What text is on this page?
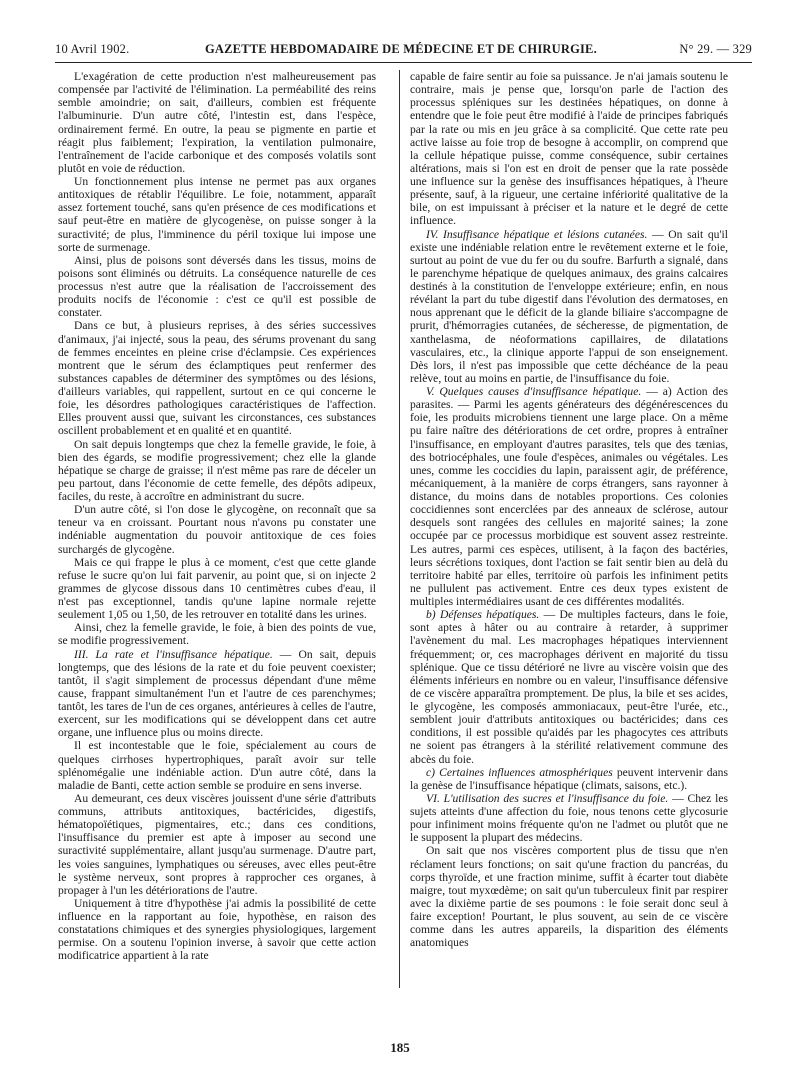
10 Avril 1902.	GAZETTE HEBDOMADAIRE DE MÉDECINE ET DE CHIRURGIE.	N° 29. — 329

L'exagération de cette production n'est malheureusement pas compensée par l'activité de l'élimination. La perméabilité des reins semble amoindrie; on sait, d'ailleurs, combien est fréquente l'albuminurie. D'un autre côté, l'intestin est, dans l'espèce, ordinairement fermé. En outre, la peau se pigmente en partie et réagit plus faiblement; l'expiration, la ventilation pulmonaire, l'entraînement de l'acide carbonique et des composés volatils sont plutôt en voie de réduction.

Un fonctionnement plus intense ne permet pas aux organes antitoxiques de rétablir l'équilibre. Le foie, notamment, apparaît assez fortement touché, sans qu'en présence de ces modifications et sauf peut-être en matière de glycogenèse, on puisse songer à la suractivité; de plus, l'imminence du péril toxique lui impose une sorte de surmenage.

Ainsi, plus de poisons sont déversés dans les tissus, moins de poisons sont éliminés ou détruits. La conséquence naturelle de ces processus n'est autre que la réalisation de l'accroissement des produits nocifs de l'économie : c'est ce qu'il est possible de constater.

Dans ce but, à plusieurs reprises, à des séries successives d'animaux, j'ai injecté, sous la peau, des sérums provenant du sang de femmes enceintes en pleine crise d'éclampsie. Ces expériences montrent que le sérum des éclamptiques peut renfermer des substances capables de déterminer des symptômes ou des lésions, d'ailleurs variables, qui rappellent, surtout en ce qui concerne le foie, les désordres pathologiques caractéristiques de l'affection. Elles prouvent aussi que, suivant les circonstances, ces substances oscillent probablement et en qualité et en quantité.

On sait depuis longtemps que chez la femelle gravide, le foie, à bien des égards, se modifie progressivement; chez elle la glande hépatique se charge de graisse; il n'est même pas rare de déceler un peu partout, dans l'économie de cette femelle, des dépôts adipeux, faciles, du reste, à accroître en administrant du sucre.

D'un autre côté, si l'on dose le glycogène, on reconnaît que sa teneur va en croissant. Pourtant nous n'avons pu constater une indéniable augmentation du pouvoir antitoxique de ces foies surchargés de glycogène.

Mais ce qui frappe le plus à ce moment, c'est que cette glande refuse le sucre qu'on lui fait parvenir, au point que, si on injecte 2 grammes de glycose dissous dans 10 centimètres cubes d'eau, il n'est pas exceptionnel, tandis qu'une lapine normale rejette seulement 1,05 ou 1,50, de les retrouver en totalité dans les urines.

Ainsi, chez la femelle gravide, le foie, à bien des points de vue, se modifie progressivement.

III. La rate et l'insuffisance hépatique. — On sait, depuis longtemps, que des lésions de la rate et du foie peuvent coexister; tantôt, il s'agit simplement de processus dépendant d'une même cause, frappant simultanément l'un et l'autre de ces parenchymes; tantôt, les tares de l'un de ces organes, antérieures à celles de l'autre, exercent, sur les modifications qui se développent dans cet autre organe, une influence plus ou moins directe.

Il est incontestable que le foie, spécialement au cours de quelques cirrhoses hypertrophiques, paraît avoir sur telle splénomégalie une indéniable action. D'un autre côté, dans la maladie de Banti, cette action semble se produire en sens inverse.

Au demeurant, ces deux viscères jouissent d'une série d'attributs communs, attributs antitoxiques, bactéricides, digestifs, hématopoïétiques, pigmentaires, etc.; dans ces conditions, l'insuffisance du premier est apte à imposer au second une suractivité supplémentaire, allant jusqu'au surmenage. D'autre part, les voies sanguines, lymphatiques ou séreuses, avec elles peut-être le système nerveux, sont propres à rapprocher ces organes, à propager à l'un les détériorations de l'autre.

Uniquement à titre d'hypothèse j'ai admis la possibilité de cette influence en la rapportant au foie, hypothèse, en raison des constatations chimiques et des synergies physiologiques, largement permise. On a soutenu l'opinion inverse, à savoir que cette action modificatrice appartient à la rate

capable de faire sentir au foie sa puissance. Je n'ai jamais soutenu le contraire, mais je pense que, lorsqu'on parle de l'action des processus spléniques sur les destinées hépatiques, on donne à entendre que le foie peut être modifié à l'aide de principes fabriqués par la rate ou mis en jeu grâce à sa complicité. Que cette rate peu active laisse au foie trop de besogne à accomplir, on comprend que la cellule hépatique puisse, comme conséquence, subir certaines altérations, mais si l'on est en droit de penser que la rate possède une influence sur la genèse des insuffisances hépatiques, à l'heure présente, sauf, à la rigueur, une certaine infériorité qualitative de la bile, on est impuissant à préciser et la nature et le degré de cette influence.

IV. Insuffisance hépatique et lésions cutanées. — On sait qu'il existe une indéniable relation entre le revêtement externe et le foie, surtout au point de vue du fer ou du soufre. Barfurth a signalé, dans le parenchyme hépatique de quelques animaux, des grains calcaires destinés à la constitution de l'enveloppe extérieure; enfin, en nous révélant la part du tube digestif dans l'évolution des dermatoses, en nous apprenant que le déficit de la glande biliaire s'accompagne de prurit, d'hémorragies cutanées, de sécheresse, de pigmentation, de xanthelasma, de néoformations capillaires, de dilatations vasculaires, etc., la clinique apporte l'appui de son enseignement. Dès lors, il n'est pas impossible que cette déchéance de la peau relève, tout au moins en partie, de l'insuffisance du foie.

V. Quelques causes d'insuffisance hépatique. — a) Action des parasites. — Parmi les agents générateurs des dégénérescences du foie, les produits microbiens tiennent une large place. On a même pu faire naître des détériorations de cet ordre, propres à entraîner l'insuffisance, en employant d'autres parasites, tels que des tænias, des botriocéphales, une foule d'espèces, animales ou végétales. Les unes, comme les coccidies du lapin, paraissent agir, de préférence, mécaniquement, à la manière de corps étrangers, sans rayonner à distance, du moins dans de notables proportions. Ces colonies coccidiennes sont encerclées par des anneaux de sclérose, autour desquels sont rangées des cellules en majorité saines; la zone occupée par ce processus morbidique est souvent assez restreinte. Les autres, parmi ces espèces, utilisent, à la façon des bactéries, leurs sécrétions toxiques, dont l'action se fait sentir bien au delà du territoire habité par elles, territoire où parfois les infiniment petits ne pullulent pas activement. Entre ces deux types existent de multiples intermédiaires usant de ces différentes modalités.

b) Défenses hépatiques. — De multiples facteurs, dans le foie, sont aptes à hâter ou au contraire à retarder, à supprimer l'avènement du mal. Les macrophages hépatiques interviennent fréquemment; or, ces macrophages dérivent en majorité du tissu splénique. Que ce tissu détérioré ne livre au viscère voisin que des éléments inférieurs en nombre ou en valeur, l'insuffisance défensive de ce viscère apparaîtra promptement. De plus, la bile et ses acides, le glycogène, les composés ammoniacaux, peut-être l'urée, etc., semblent jouir d'attributs antitoxiques ou bactéricides; dans ces conditions, il est possible qu'aidés par les phagocytes ces attributs ne soient pas étrangers à la stérilité relativement commune des abcès du foie.

c) Certaines influences atmosphériques peuvent intervenir dans la genèse de l'insuffisance hépatique (climats, saisons, etc.).

VI. L'utilisation des sucres et l'insuffisance du foie. — Chez les sujets atteints d'une affection du foie, nous tenons cette glycosurie pour infiniment moins fréquente qu'on ne l'admet ou plutôt que ne le supposent la plupart des médecins.

On sait que nos viscères comportent plus de tissu que n'en réclament leurs fonctions; on sait qu'une fraction du pancréas, du corps thyroïde, et une fraction minime, suffit à écarter tout diabète maigre, tout myxœdème; on sait qu'un tuberculeux finit par respirer avec la dixième partie de ses poumons : le foie serait donc seul à faire exception! Pourtant, le plus souvent, au sein de ce viscère comme dans les autres appareils, la disparition des éléments anatomiques

185
